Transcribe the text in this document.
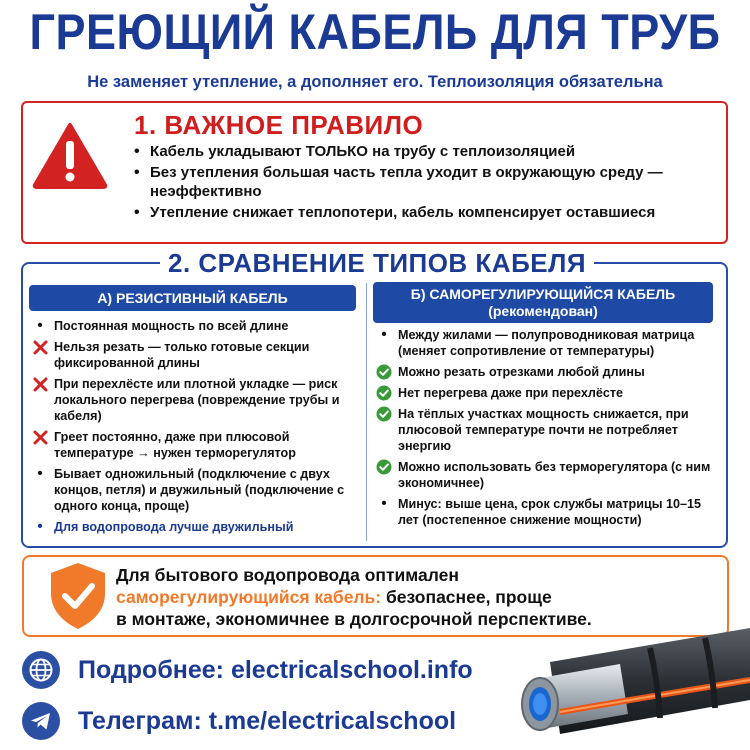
ГРЕЮЩИЙ КАБЕЛЬ ДЛЯ ТРУБ
Не заменяет утепление, а дополняет его. Теплоизоляция обязательна
1. ВАЖНОЕ ПРАВИЛО
• Кабель укладывают ТОЛЬКО на трубу с теплоизоляцией
• Без утепления большая часть тепла уходит в окружающую среду — неэффективно
• Утепление снижает теплопотери, кабель компенсирует оставшиеся
2. СРАВНЕНИЕ ТИПОВ КАБЕЛЯ
А) РЕЗИСТИВНЫЙ КАБЕЛЬ	Б) САМОРЕГУЛИРУЮЩИЙСЯ КАБЕЛЬ
(рекомендован)
•
Постоянная мощность по всей длине
Нельзя резать — только готовые секции фиксированной длины
При перехлёсте или плотной укладке — риск локального перегрева (повреждение трубы и кабеля)
Греет постоянно, даже при плюсовой температуре → нужен терморегулятор
•
Бывает одножильный (подключение с двух концов, петля) и двужильный (подключение с одного конца, проще)
•
Для водопровода лучше двужильный
•
Между жилами — полупроводниковая матрица (меняет сопротивление от температуры)
Можно резать отрезками любой длины
Нет перегрева даже при перехлёсте
На тёплых участках мощность снижается, при плюсовой температуре почти не потребляет энергию
Можно использовать без терморегулятора (с ним экономичнее)
•
Минус: выше цена, срок службы матрицы 10–15 лет (постепенное снижение мощности)
Для бытового водопровода оптимален
саморегулирующийся кабель: безопаснее, проще
в монтаже, экономичнее в долгосрочной перспективе.
Подробнее: electricalschool.info
Телеграм: t.me/electricalschool
